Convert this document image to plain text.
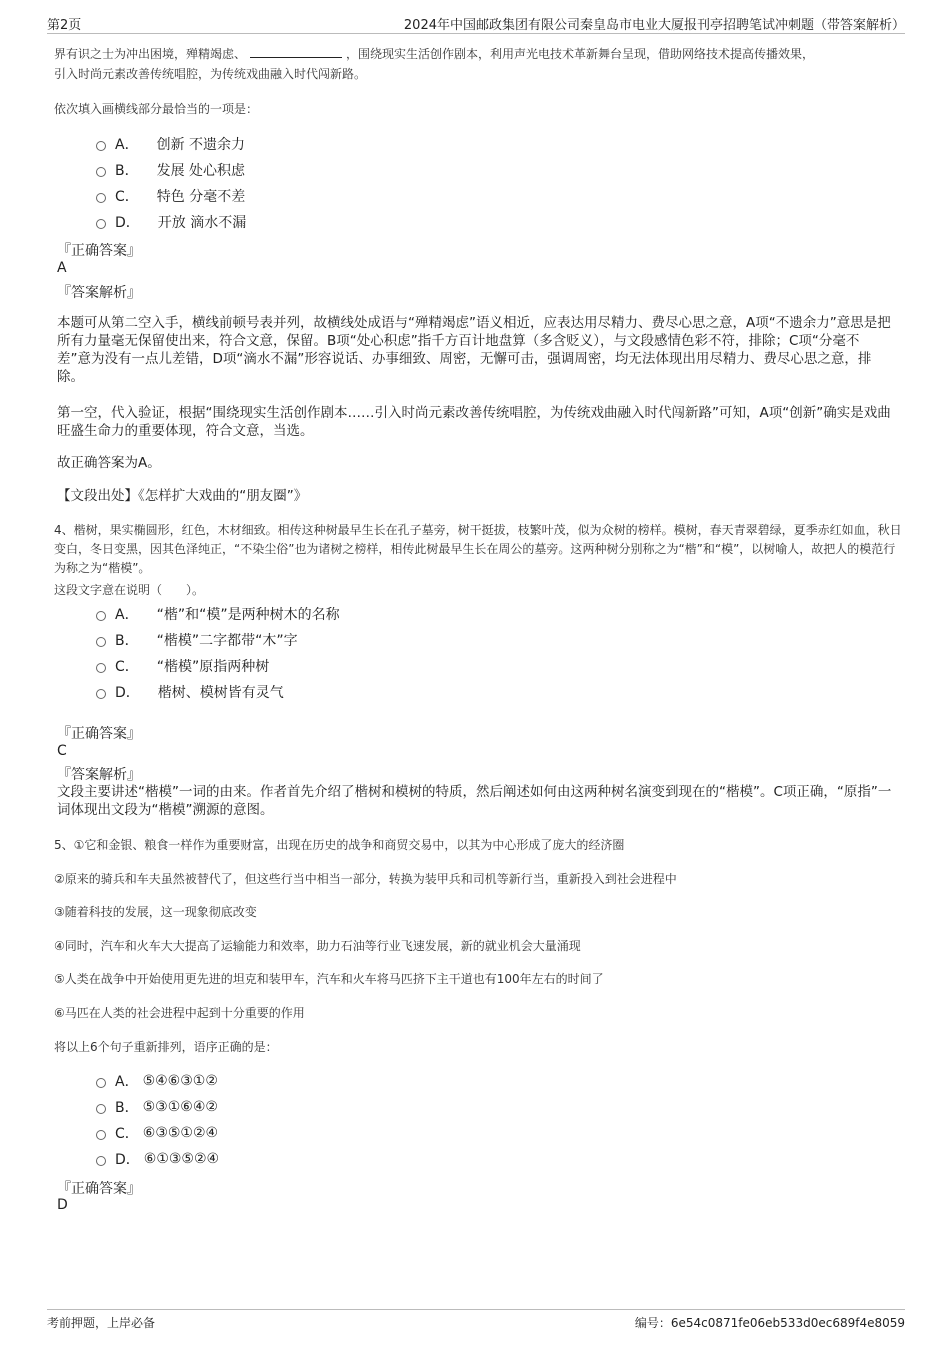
第2页	2024年中国邮政集团有限公司秦皇岛市电业大厦报刊亭招聘笔试冲刺题（带答案解析）
界有识之士为冲出困境，殚精竭虑、	，围绕现实生活创作剧本，利用声光电技术革新舞台呈现，借助网络技术提高传播效果，
引入时尚元素改善传统唱腔，为传统戏曲融入时代闯新路。
依次填入画横线部分最恰当的一项是：
A． 创新 不遗余力
B． 发展 处心积虑
C． 特色 分毫不差
D． 开放 滴水不漏
『正确答案』
A
『答案解析』
本题可从第二空入手，横线前顿号表并列，故横线处成语与“殚精竭虑”语义相近，应表达用尽精力、费尽心思之意，A项“不遗余力”意思是把所有力量毫无保留使出来，符合文意，保留。B项“处心积虑”指千方百计地盘算（多含贬义），与文段感情色彩不符，排除；C项“分毫不差”意为没有一点儿差错，D项“滴水不漏”形容说话、办事细致、周密，无懈可击，强调周密，均无法体现出用尽精力、费尽心思之意，排除。
第一空，代入验证，根据“围绕现实生活创作剧本……引入时尚元素改善传统唱腔，为传统戏曲融入时代闯新路”可知，A项“创新”确实是戏曲旺盛生命力的重要体现，符合文意，当选。
故正确答案为A。
【文段出处】《怎样扩大戏曲的“朋友圈”》
4、楷树，果实椭圆形，红色，木材细致。相传这种树最早生长在孔子墓旁，树干挺拔，枝繁叶茂，似为众树的榜样。模树，春天青翠碧绿，夏季赤红如血，秋日变白，冬日变黑，因其色泽纯正，“不染尘俗”也为诸树之榜样，相传此树最早生长在周公的墓旁。这两种树分别称之为“楷”和“模”，以树喻人，故把人的模范行为称之为“楷模”。
这段文字意在说明（　　）。
A． “楷”和“模”是两种树木的名称
B． “楷模”二字都带“木”字
C． “楷模”原指两种树
D． 楷树、模树皆有灵气
『正确答案』
C
『答案解析』
文段主要讲述“楷模”一词的由来。作者首先介绍了楷树和模树的特质，然后阐述如何由这两种树名演变到现在的“楷模”。C项正确，“原指”一词体现出文段为“楷模”溯源的意图。
5、①它和金银、粮食一样作为重要财富，出现在历史的战争和商贸交易中，以其为中心形成了庞大的经济圈
②原来的骑兵和车夫虽然被替代了，但这些行当中相当一部分，转换为装甲兵和司机等新行当，重新投入到社会进程中
③随着科技的发展，这一现象彻底改变
④同时，汽车和火车大大提高了运输能力和效率，助力石油等行业飞速发展，新的就业机会大量涌现
⑤人类在战争中开始使用更先进的坦克和装甲车，汽车和火车将马匹挤下主干道也有100年左右的时间了
⑥马匹在人类的社会进程中起到十分重要的作用
将以上6个句子重新排列，语序正确的是：
A． ⑤④⑥③①②
B． ⑤③①⑥④②
C． ⑥③⑤①②④
D． ⑥①③⑤②④
『正确答案』
D
考前押题，上岸必备	编号：6e54c0871fe06eb533d0ec689f4e8059
